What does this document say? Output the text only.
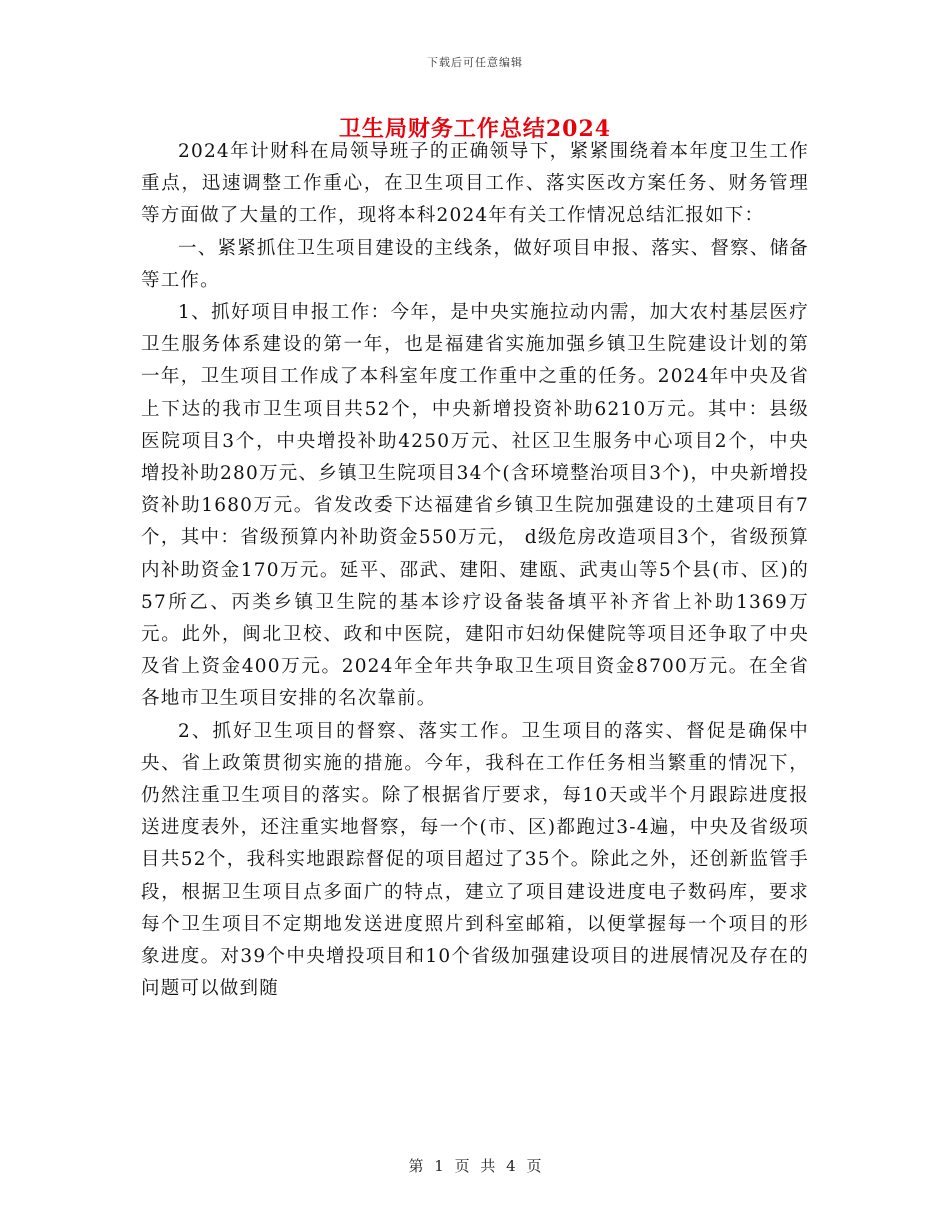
下载后可任意编辑
卫生局财务工作总结2024

2024年计财科在局领导班子的正确领导下，紧紧围绕着本年度卫生工作重点，迅速调整工作重心，在卫生项目工作、落实医改方案任务、财务管理等方面做了大量的工作，现将本科2024年有关工作情况总结汇报如下：

一、紧紧抓住卫生项目建设的主线条，做好项目申报、落实、督察、储备等工作。

1、抓好项目申报工作：今年，是中央实施拉动内需，加大农村基层医疗卫生服务体系建设的第一年，也是福建省实施加强乡镇卫生院建设计划的第一年，卫生项目工作成了本科室年度工作重中之重的任务。2024年中央及省上下达的我市卫生项目共52个，中央新增投资补助6210万元。其中：县级医院项目3个，中央增投补助4250万元、社区卫生服务中心项目2个，中央增投补助280万元、乡镇卫生院项目34个(含环境整治项目3个)，中央新增投资补助1680万元。省发改委下达福建省乡镇卫生院加强建设的土建项目有7个，其中：省级预算内补助资金550万元， d级危房改造项目3个，省级预算内补助资金170万元。延平、邵武、建阳、建瓯、武夷山等5个县(市、区)的57所乙、丙类乡镇卫生院的基本诊疗设备装备填平补齐省上补助1369万元。此外，闽北卫校、政和中医院，建阳市妇幼保健院等项目还争取了中央及省上资金400万元。2024年全年共争取卫生项目资金8700万元。在全省各地市卫生项目安排的名次靠前。

2、抓好卫生项目的督察、落实工作。卫生项目的落实、督促是确保中央、省上政策贯彻实施的措施。今年，我科在工作任务相当繁重的情况下，仍然注重卫生项目的落实。除了根据省厅要求，每10天或半个月跟踪进度报送进度表外，还注重实地督察，每一个(市、区)都跑过3-4遍，中央及省级项目共52个，我科实地跟踪督促的项目超过了35个。除此之外，还创新监管手段，根据卫生项目点多面广的特点，建立了项目建设进度电子数码库，要求每个卫生项目不定期地发送进度照片到科室邮箱，以便掌握每一个项目的形象进度。对39个中央增投项目和10个省级加强建设项目的进展情况及存在的问题可以做到随

第 1 页 共 4 页
